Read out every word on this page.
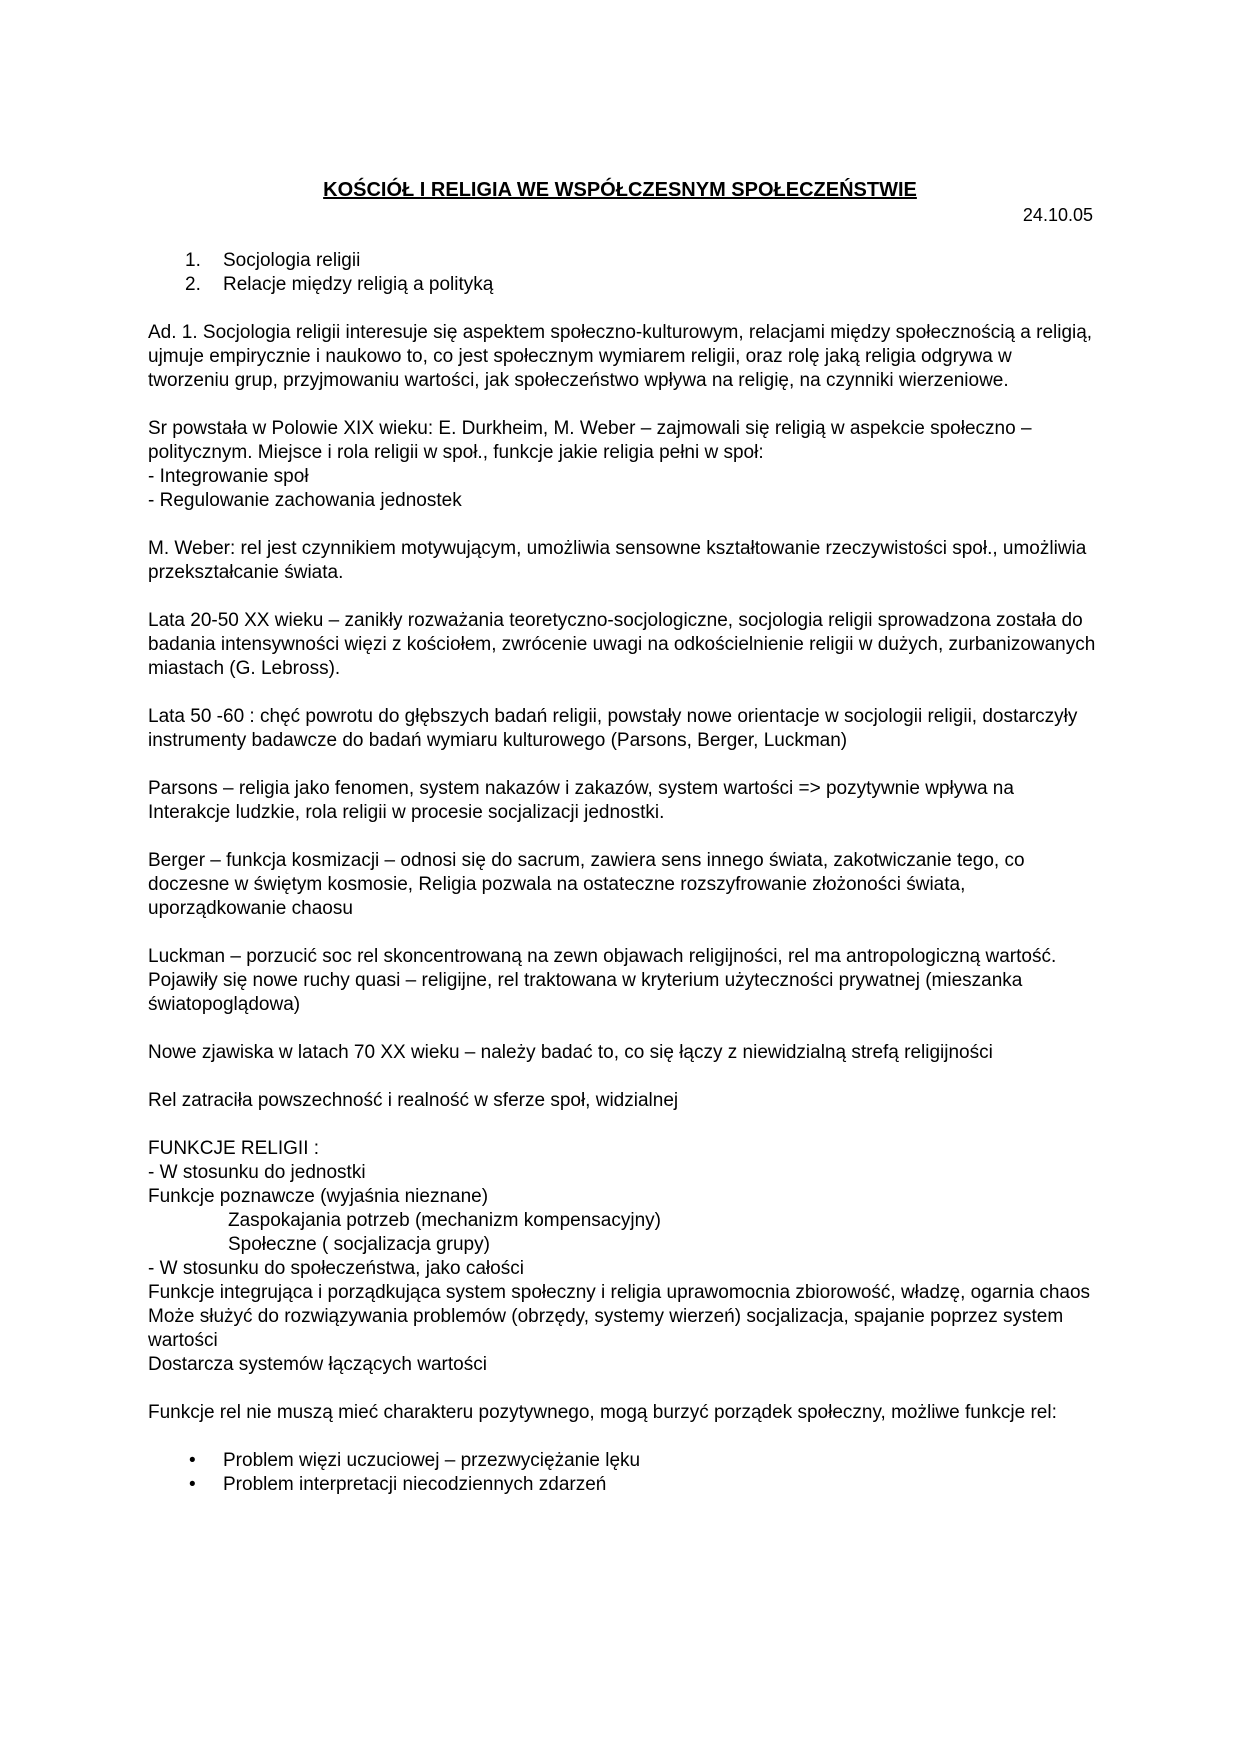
KOŚCIÓŁ I RELIGIA WE WSPÓŁCZESNYM SPOŁECZEŃSTWIE
24.10.05
1. Socjologia religii
2. Relacje między religią a polityką

Ad. 1. Socjologia religii interesuje się aspektem społeczno-kulturowym, relacjami między społecznością a religią, ujmuje empirycznie i naukowo to, co jest społecznym wymiarem religii, oraz rolę jaką religia odgrywa w tworzeniu grup, przyjmowaniu wartości, jak społeczeństwo wpływa na religię, na czynniki wierzeniowe.

Sr powstała w Polowie XIX wieku: E. Durkheim, M. Weber – zajmowali się religią w aspekcie społeczno – politycznym. Miejsce i rola religii w społ., funkcje jakie religia pełni w społ:
- Integrowanie społ
- Regulowanie zachowania jednostek

M. Weber: rel jest czynnikiem motywującym, umożliwia sensowne kształtowanie rzeczywistości społ., umożliwia przekształcanie świata.

Lata 20-50 XX wieku – zanikły rozważania teoretyczno-socjologiczne, socjologia religii sprowadzona została do badania intensywności więzi z kościołem, zwrócenie uwagi na odkościelnienie religii w dużych, zurbanizowanych miastach (G. Lebross).

Lata 50 -60 : chęć powrotu do głębszych badań religii, powstały nowe orientacje w socjologii religii, dostarczyły instrumenty badawcze do badań wymiaru kulturowego (Parsons, Berger, Luckman)

Parsons – religia jako fenomen, system nakazów i zakazów, system wartości => pozytywnie wpływa na Interakcje ludzkie, rola religii w procesie socjalizacji jednostki.

Berger – funkcja kosmizacji – odnosi się do sacrum, zawiera sens innego świata, zakotwiczanie tego, co doczesne w świętym kosmosie, Religia pozwala na ostateczne rozszyfrowanie złożoności świata, uporządkowanie chaosu

Luckman – porzucić soc rel skoncentrowaną na zewn objawach religijności, rel ma antropologiczną wartość. Pojawiły się nowe ruchy quasi – religijne, rel traktowana w kryterium użyteczności prywatnej (mieszanka światopoglądowa)

Nowe zjawiska w latach 70 XX wieku – należy badać to, co się łączy z niewidzialną strefą religijności

Rel zatraciła powszechność i realność w sferze społ, widzialnej

FUNKCJE RELIGII :
- W stosunku do jednostki
Funkcje poznawcze (wyjaśnia nieznane)
Zaspokajania potrzeb (mechanizm kompensacyjny)
Społeczne ( socjalizacja grupy)
- W stosunku do społeczeństwa, jako całości
Funkcje integrująca i porządkująca system społeczny i religia uprawomocnia zbiorowość, władzę, ogarnia chaos
Może służyć do rozwiązywania problemów (obrzędy, systemy wierzeń) socjalizacja, spajanie poprzez system wartości
Dostarcza systemów łączących wartości

Funkcje rel nie muszą mieć charakteru pozytywnego, mogą burzyć porządek społeczny, możliwe funkcje rel:

• Problem więzi uczuciowej – przezwyciężanie lęku
• Problem interpretacji niecodziennych zdarzeń
